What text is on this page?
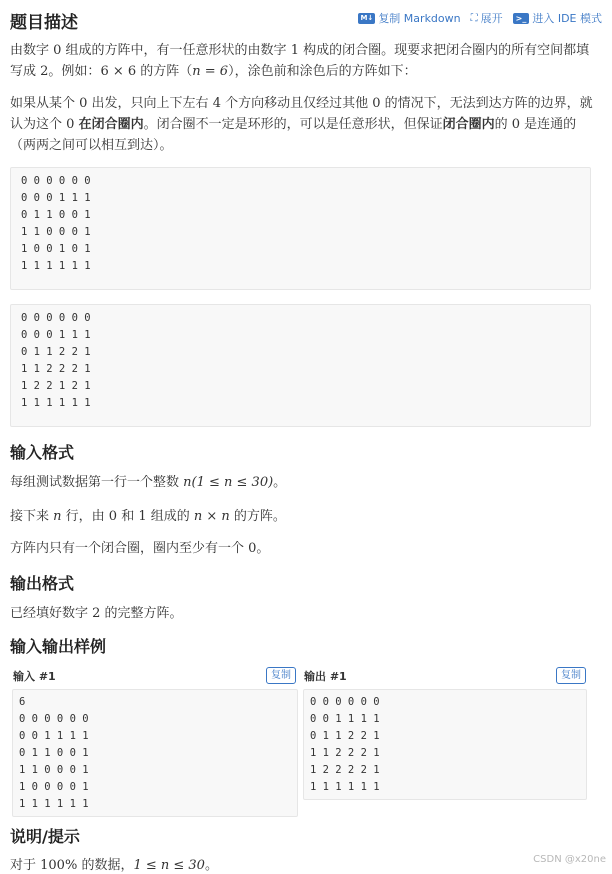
题目描述	M↓ 复制 Markdown ⛶ 展开	>_ 进入 IDE 模式
由数字 0 组成的方阵中，有一任意形状的由数字 1 构成的闭合圈。现要求把闭合圈内的所有空间都填写成 2。例如：6 × 6 的方阵（n = 6），涂色前和涂色后的方阵如下：
如果从某个 0 出发，只向上下左右 4 个方向移动且仅经过其他 0 的情况下，无法到达方阵的边界，就认为这个 0 在闭合圈内。闭合圈不一定是环形的，可以是任意形状，但保证闭合圈内的 0 是连通的（两两之间可以相互到达）。
0 0 0 0 0 0
0 0 0 1 1 1
0 1 1 0 0 1
1 1 0 0 0 1
1 0 0 1 0 1
1 1 1 1 1 1
0 0 0 0 0 0
0 0 0 1 1 1
0 1 1 2 2 1
1 1 2 2 2 1
1 2 2 1 2 1
1 1 1 1 1 1
输入格式
每组测试数据第一行一个整数 n(1 ≤ n ≤ 30)。
接下来 n 行，由 0 和 1 组成的 n × n 的方阵。
方阵内只有一个闭合圈，圈内至少有一个 0。
输出格式
已经填好数字 2 的完整方阵。
输入输出样例
输入 #1	复制
6
0 0 0 0 0 0
0 0 1 1 1 1
0 1 1 0 0 1
1 1 0 0 0 1
1 0 0 0 0 1
1 1 1 1 1 1
输出 #1	复制
0 0 0 0 0 0
0 0 1 1 1 1
0 1 1 2 2 1
1 1 2 2 2 1
1 2 2 2 2 1
1 1 1 1 1 1
说明/提示
对于 100% 的数据，1 ≤ n ≤ 30。	CSDN @x20ne
